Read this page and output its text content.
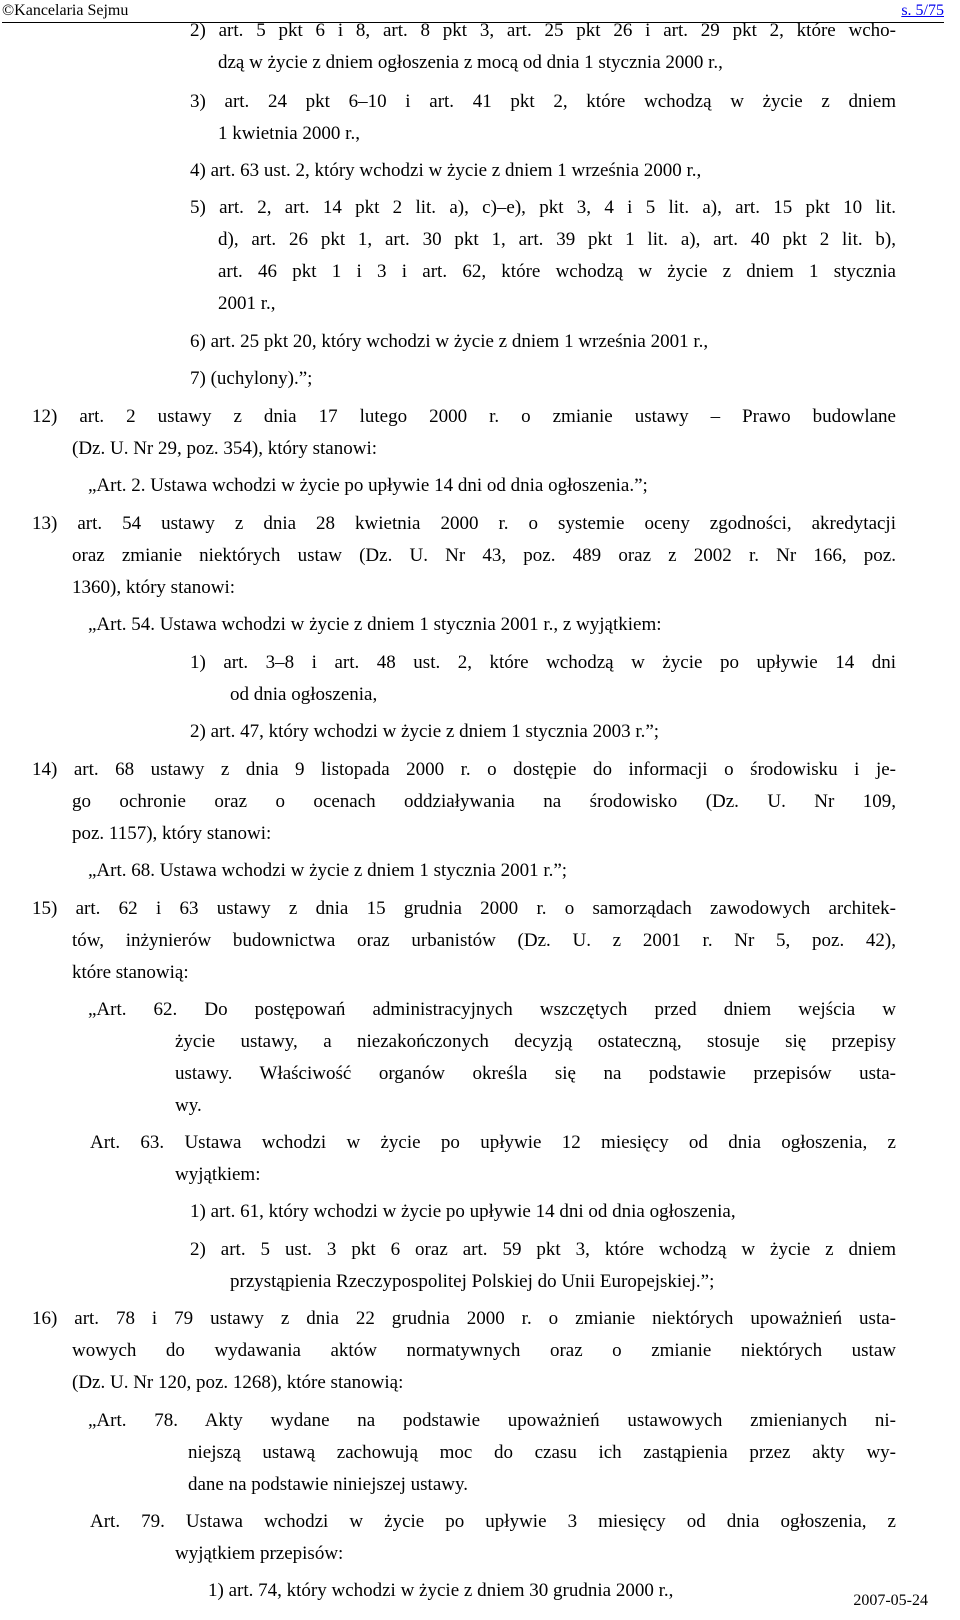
©Kancelaria Sejmu	s. 5/75
2) art. 5 pkt 6 i 8, art. 8 pkt 3, art. 25 pkt 26 i art. 29 pkt 2, które wcho-
dzą w życie z dniem ogłoszenia z mocą od dnia 1 stycznia 2000 r.,
3) art. 24 pkt 6–10 i art. 41 pkt 2, które wchodzą w życie z dniem
1 kwietnia 2000 r.,
4) art. 63 ust. 2, który wchodzi w życie z dniem 1 września 2000 r.,
5) art. 2, art. 14 pkt 2 lit. a), c)–e), pkt 3, 4 i 5 lit. a), art. 15 pkt 10 lit.
d), art. 26 pkt 1, art. 30 pkt 1, art. 39 pkt 1 lit. a), art. 40 pkt 2 lit. b),
art. 46 pkt 1 i 3 i art. 62, które wchodzą w życie z dniem 1 stycznia
2001 r.,
6) art. 25 pkt 20, który wchodzi w życie z dniem 1 września 2001 r.,
7) (uchylony).”;
12) art. 2 ustawy z dnia 17 lutego 2000 r. o zmianie ustawy – Prawo budowlane
(Dz. U. Nr 29, poz. 354), który stanowi:
„Art. 2. Ustawa wchodzi w życie po upływie 14 dni od dnia ogłoszenia.”;
13) art. 54 ustawy z dnia 28 kwietnia 2000 r. o systemie oceny zgodności, akredytacji
oraz zmianie niektórych ustaw (Dz. U. Nr 43, poz. 489 oraz z 2002 r. Nr 166, poz.
1360), który stanowi:
„Art. 54. Ustawa wchodzi w życie z dniem 1 stycznia 2001 r., z wyjątkiem:
1) art. 3–8 i art. 48 ust. 2, które wchodzą w życie po upływie 14 dni
od dnia ogłoszenia,
2) art. 47, który wchodzi w życie z dniem 1 stycznia 2003 r.”;
14) art. 68 ustawy z dnia 9 listopada 2000 r. o dostępie do informacji o środowisku i je-
go ochronie oraz o ocenach oddziaływania na środowisko (Dz. U. Nr 109,
poz. 1157), który stanowi:
„Art. 68. Ustawa wchodzi w życie z dniem 1 stycznia 2001 r.”;
15) art. 62 i 63 ustawy z dnia 15 grudnia 2000 r. o samorządach zawodowych architek-
tów, inżynierów budownictwa oraz urbanistów (Dz. U. z 2001 r. Nr 5, poz. 42),
które stanowią:
„Art. 62. Do postępowań administracyjnych wszczętych przed dniem wejścia w
życie ustawy, a niezakończonych decyzją ostateczną, stosuje się przepisy
ustawy. Właściwość organów określa się na podstawie przepisów usta-
wy.
Art. 63. Ustawa wchodzi w życie po upływie 12 miesięcy od dnia ogłoszenia, z
wyjątkiem:
1) art. 61, który wchodzi w życie po upływie 14 dni od dnia ogłoszenia,
2) art. 5 ust. 3 pkt 6 oraz art. 59 pkt 3, które wchodzą w życie z dniem
przystąpienia Rzeczypospolitej Polskiej do Unii Europejskiej.”;
16) art. 78 i 79 ustawy z dnia 22 grudnia 2000 r. o zmianie niektórych upoważnień usta-
wowych do wydawania aktów normatywnych oraz o zmianie niektórych ustaw
(Dz. U. Nr 120, poz. 1268), które stanowią:
„Art. 78. Akty wydane na podstawie upoważnień ustawowych zmienianych ni-
niejszą ustawą zachowują moc do czasu ich zastąpienia przez akty wy-
dane na podstawie niniejszej ustawy.
Art. 79. Ustawa wchodzi w życie po upływie 3 miesięcy od dnia ogłoszenia, z
wyjątkiem przepisów:
1) art. 74, który wchodzi w życie z dniem 30 grudnia 2000 r.,	2007-05-24
